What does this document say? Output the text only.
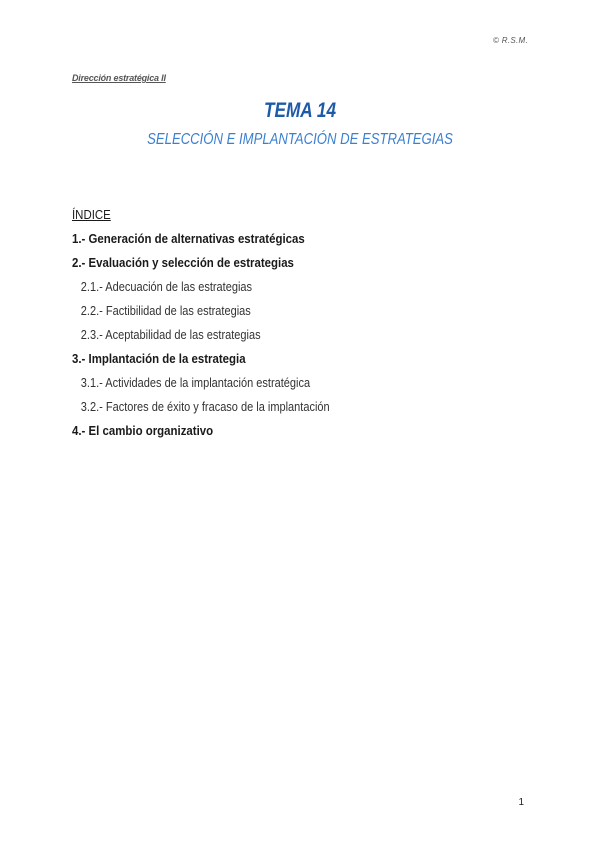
© R.S.M.
Dirección estratégica II
TEMA 14
SELECCIÓN E IMPLANTACIÓN DE ESTRATEGIAS
ÍNDICE
1.- Generación de alternativas estratégicas
2.- Evaluación y selección de estrategias
2.1.- Adecuación de las estrategias
2.2.- Factibilidad de las estrategias
2.3.- Aceptabilidad de las estrategias
3.- Implantación de la estrategia
3.1.- Actividades de la implantación estratégica
3.2.- Factores de éxito y fracaso de la implantación
4.- El cambio organizativo
1
